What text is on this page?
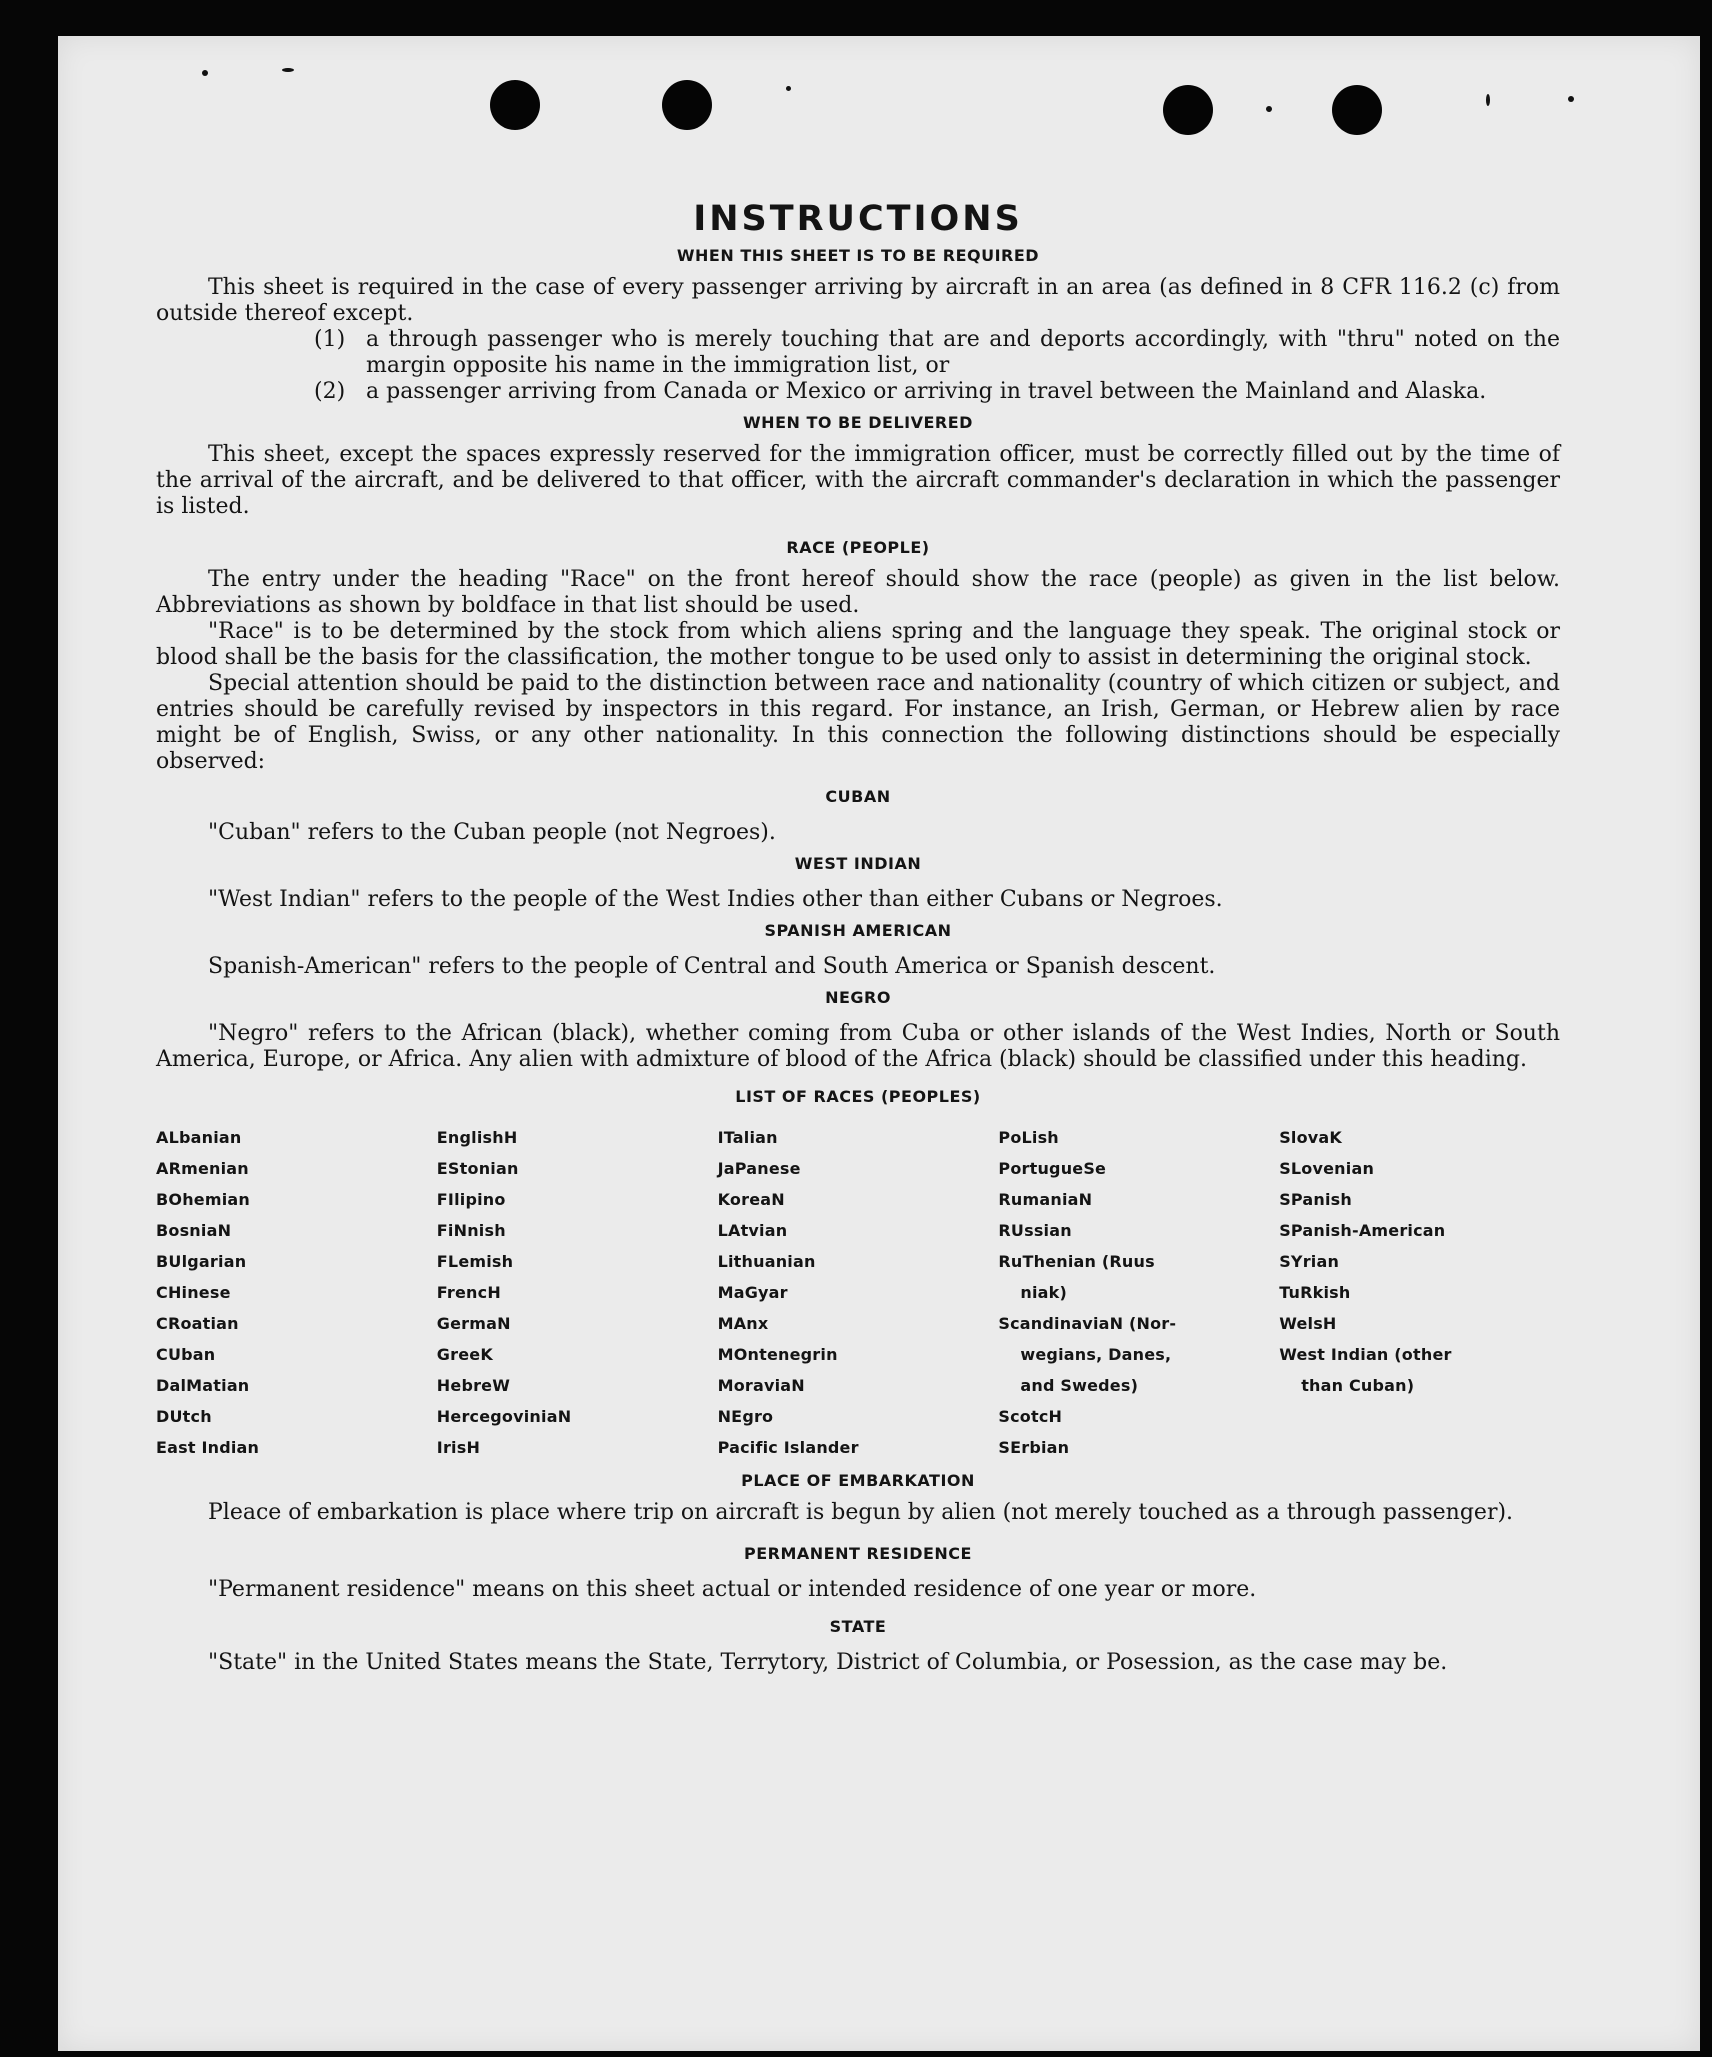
INSTRUCTIONS
WHEN THIS SHEET IS TO BE REQUIRED

This sheet is required in the case of every passenger arriving by aircraft in an area (as defined in 8 CFR 116.2 (c) from outside thereof except.

(1) a through passenger who is merely touching that are and deports accordingly, with "thru" noted on the margin opposite his name in the immigration list, or
(2) a passenger arriving from Canada or Mexico or arriving in travel between the Mainland and Alaska.
WHEN TO BE DELIVERED

This sheet, except the spaces expressly reserved for the immigration officer, must be correctly filled out by the time of the arrival of the aircraft, and be delivered to that officer, with the aircraft commander's declaration in which the passenger is listed.

RACE (PEOPLE)

The entry under the heading "Race" on the front hereof should show the race (people) as given in the list below. Abbreviations as shown by boldface in that list should be used.

"Race" is to be determined by the stock from which aliens spring and the language they speak. The original stock or blood shall be the basis for the classification, the mother tongue to be used only to assist in determining the original stock.

Special attention should be paid to the distinction between race and nationality (country of which citizen or subject, and entries should be carefully revised by inspectors in this regard. For instance, an Irish, German, or Hebrew alien by race might be of English, Swiss, or any other nationality. In this connection the following distinctions should be especially observed:

CUBAN

"Cuban" refers to the Cuban people (not Negroes).

WEST INDIAN

"West Indian" refers to the people of the West Indies other than either Cubans or Negroes.

SPANISH AMERICAN

Spanish-American" refers to the people of Central and South America or Spanish descent.

NEGRO

"Negro" refers to the African (black), whether coming from Cuba or other islands of the West Indies, North or South America, Europe, or Africa. Any alien with admixture of blood of the Africa (black) should be classified under this heading.

LIST OF RACES (PEOPLES)
ALbanian
ARmenian
BOhemian
BosniaN
BUlgarian
CHinese
CRoatian
CUban
DalMatian
DUtch
East Indian
EnglishH
EStonian
FIlipino
FiNnish
FLemish
FrencH
GermaN
GreeK
HebreW
HercegoviniaN
IrisH
ITalian
JaPanese
KoreaN
LAtvian
Lithuanian
MaGyar
MAnx
MOntenegrin
MoraviaN
NEgro
Pacific Islander
PoLish
PortugueSe
RumaniaN
RUssian
RuThenian (Ruus
niak)
ScandinaviaN (Nor-
wegians, Danes,
and Swedes)
ScotcH
SErbian
SlovaK
SLovenian
SPanish
SPanish-American
SYrian
TuRkish
WelsH
West Indian (other
than Cuban)
PLACE OF EMBARKATION

Pleace of embarkation is place where trip on aircraft is begun by alien (not merely touched as a through passenger).

PERMANENT RESIDENCE

"Permanent residence" means on this sheet actual or intended residence of one year or more.

STATE

"State" in the United States means the State, Terrytory, District of Columbia, or Posession, as the case may be.
